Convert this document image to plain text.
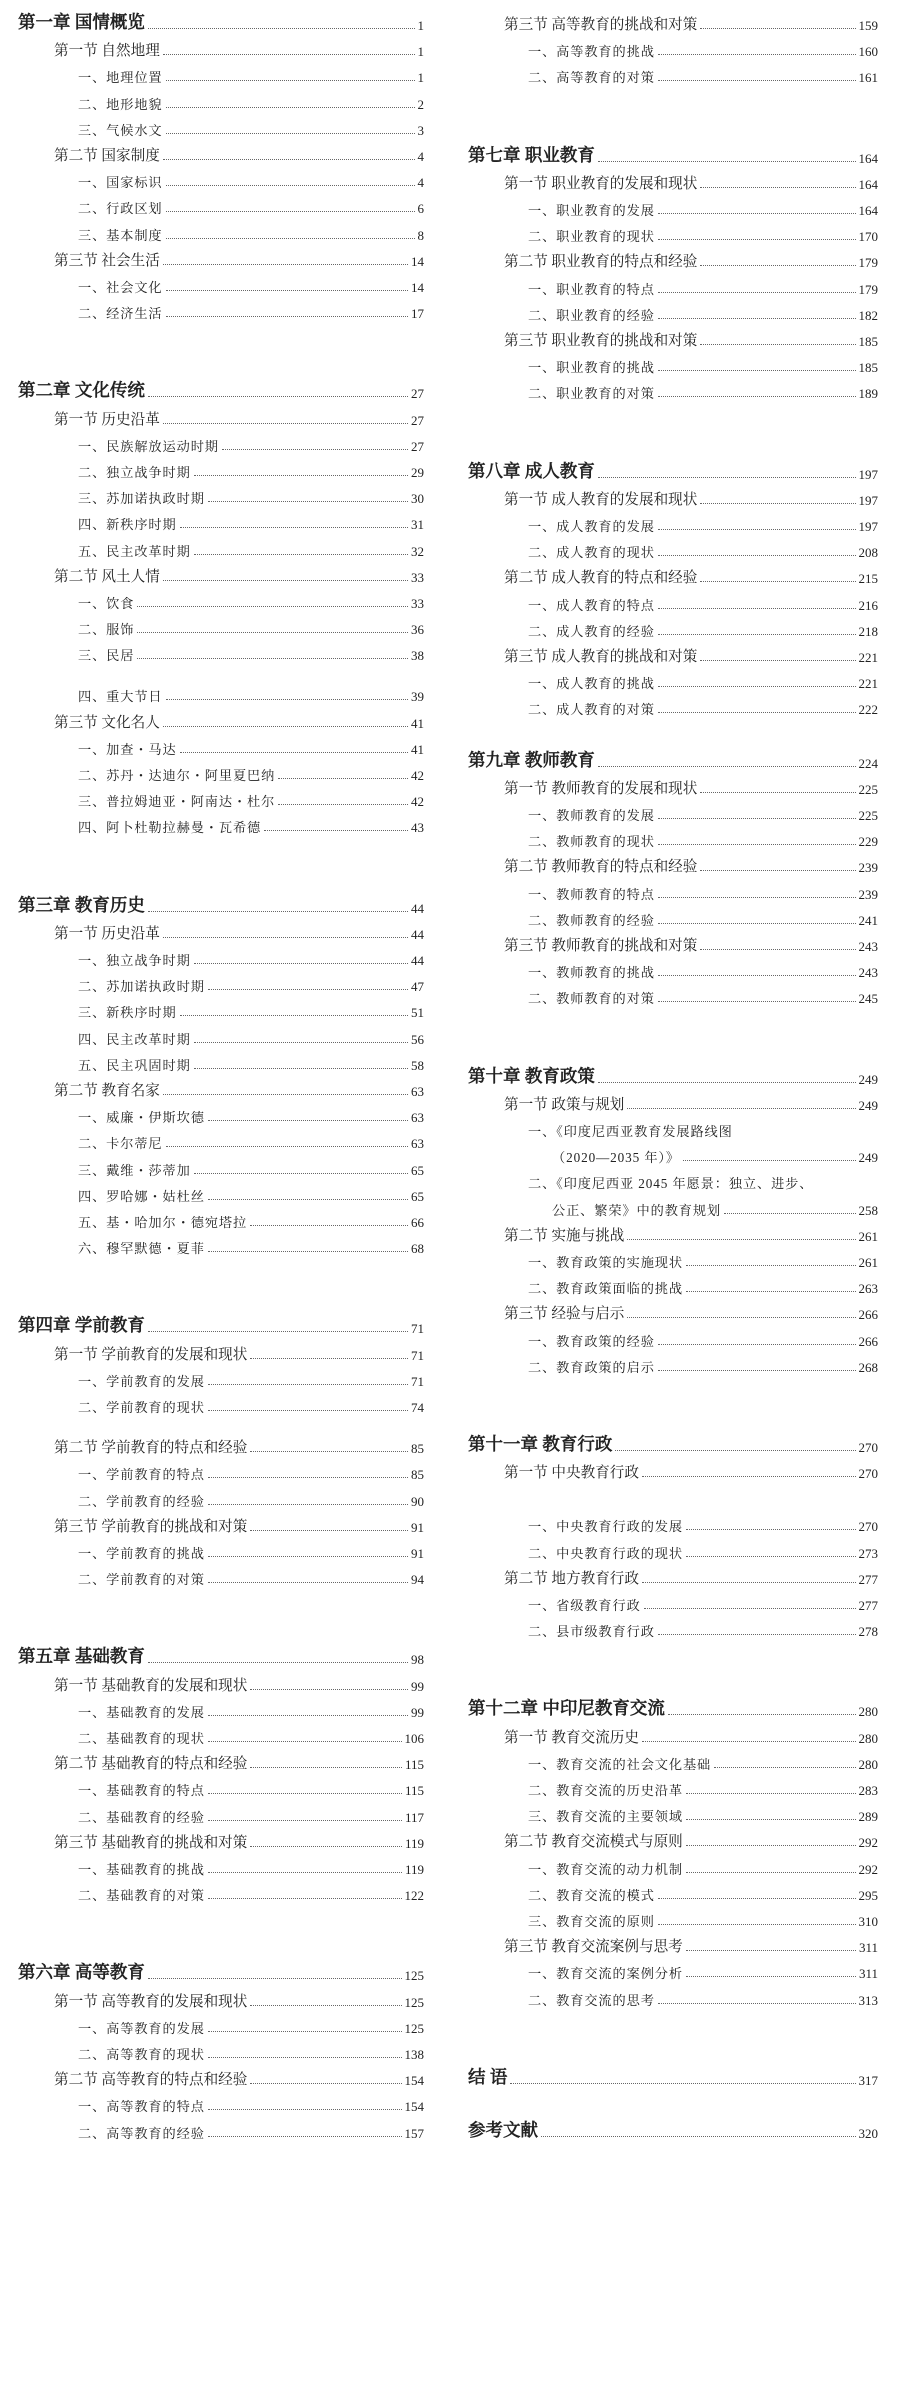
第一章 国情概览	1
第一节 自然地理	1
一、地理位置	1
二、地形地貌	2
三、气候水文	3
第二节 国家制度	4
一、国家标识	4
二、行政区划	6
三、基本制度	8
第三节 社会生活	14
一、社会文化	14
二、经济生活	17
第二章 文化传统	27
第一节 历史沿革	27
一、民族解放运动时期	27
二、独立战争时期	29
三、苏加诺执政时期	30
四、新秩序时期	31
五、民主改革时期	32
第二节 风土人情	33
一、饮食	33
二、服饰	36
三、民居	38
四、重大节日	39
第三节 文化名人	41
一、加查・马达	41
二、苏丹・达迪尔・阿里夏巴纳	42
三、普拉姆迪亚・阿南达・杜尔	42
四、阿卜杜勒拉赫曼・瓦希德	43
第三章 教育历史	44
第一节 历史沿革	44
一、独立战争时期	44
二、苏加诺执政时期	47
三、新秩序时期	51
四、民主改革时期	56
五、民主巩固时期	58
第二节 教育名家	63
一、威廉・伊斯坎德	63
二、卡尔蒂尼	63
三、戴维・莎蒂加	65
四、罗哈娜・姑杜丝	65
五、基・哈加尔・德宛塔拉	66
六、穆罕默德・夏菲	68
第四章 学前教育	71
第一节 学前教育的发展和现状	71
一、学前教育的发展	71
二、学前教育的现状	74
第二节 学前教育的特点和经验	85
一、学前教育的特点	85
二、学前教育的经验	90
第三节 学前教育的挑战和对策	91
一、学前教育的挑战	91
二、学前教育的对策	94
第五章 基础教育	98
第一节 基础教育的发展和现状	99
一、基础教育的发展	99
二、基础教育的现状	106
第二节 基础教育的特点和经验	115
一、基础教育的特点	115
二、基础教育的经验	117
第三节 基础教育的挑战和对策	119
一、基础教育的挑战	119
二、基础教育的对策	122
第六章 高等教育	125
第一节 高等教育的发展和现状	125
一、高等教育的发展	125
二、高等教育的现状	138
第二节 高等教育的特点和经验	154
一、高等教育的特点	154
二、高等教育的经验	157
第三节 高等教育的挑战和对策	159
一、高等教育的挑战	160
二、高等教育的对策	161
第七章 职业教育	164
第一节 职业教育的发展和现状	164
一、职业教育的发展	164
二、职业教育的现状	170
第二节 职业教育的特点和经验	179
一、职业教育的特点	179
二、职业教育的经验	182
第三节 职业教育的挑战和对策	185
一、职业教育的挑战	185
二、职业教育的对策	189
第八章 成人教育	197
第一节 成人教育的发展和现状	197
一、成人教育的发展	197
二、成人教育的现状	208
第二节 成人教育的特点和经验	215
一、成人教育的特点	216
二、成人教育的经验	218
第三节 成人教育的挑战和对策	221
一、成人教育的挑战	221
二、成人教育的对策	222
第九章 教师教育	224
第一节 教师教育的发展和现状	225
一、教师教育的发展	225
二、教师教育的现状	229
第二节 教师教育的特点和经验	239
一、教师教育的特点	239
二、教师教育的经验	241
第三节 教师教育的挑战和对策	243
一、教师教育的挑战	243
二、教师教育的对策	245
第十章 教育政策	249
第一节 政策与规划	249
一、《印度尼西亚教育发展路线图
（2020—2035 年）》	249
二、《印度尼西亚 2045 年愿景：独立、进步、
公正、繁荣》中的教育规划	258
第二节 实施与挑战	261
一、教育政策的实施现状	261
二、教育政策面临的挑战	263
第三节 经验与启示	266
一、教育政策的经验	266
二、教育政策的启示	268
第十一章 教育行政	270
第一节 中央教育行政	270
一、中央教育行政的发展	270
二、中央教育行政的现状	273
第二节 地方教育行政	277
一、省级教育行政	277
二、县市级教育行政	278
第十二章 中印尼教育交流	280
第一节 教育交流历史	280
一、教育交流的社会文化基础	280
二、教育交流的历史沿革	283
三、教育交流的主要领域	289
第二节 教育交流模式与原则	292
一、教育交流的动力机制	292
二、教育交流的模式	295
三、教育交流的原则	310
第三节 教育交流案例与思考	311
一、教育交流的案例分析	311
二、教育交流的思考	313
结 语	317
参考文献	320
